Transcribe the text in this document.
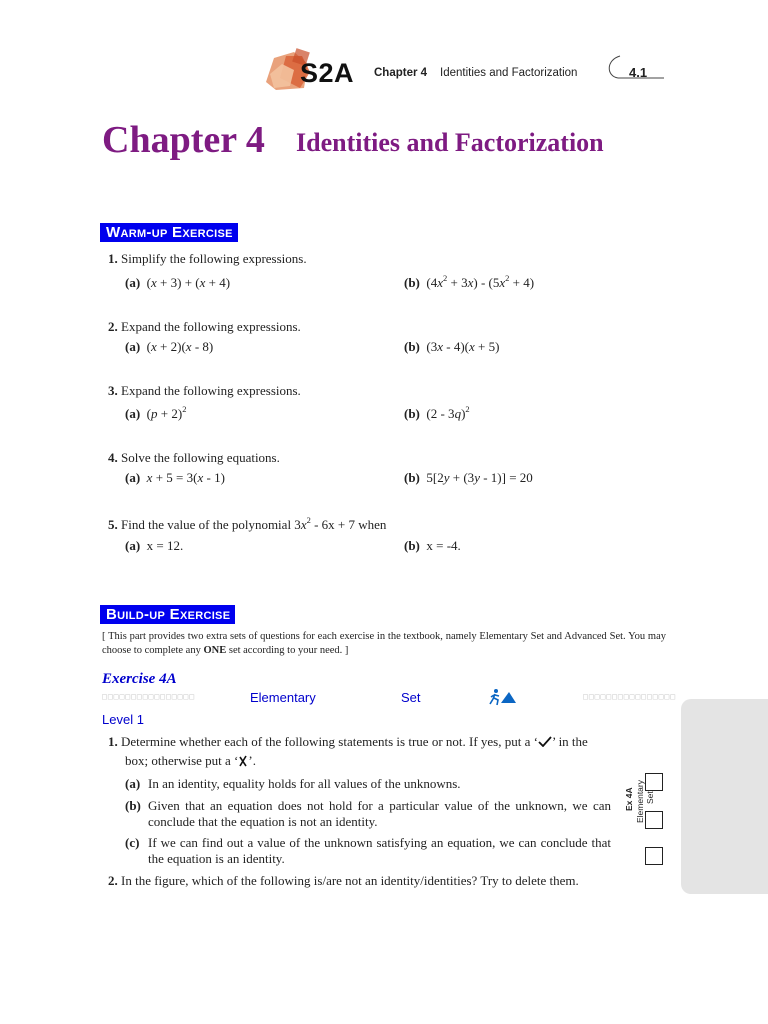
S2A Chapter 4 Identities and Factorization	4.1
Chapter 4 Identities and Factorization
Warm-up Exercise
1. Simplify the following expressions.
(a)  (x + 3) + (x + 4)	(b)  $(4x^2 + 3x) - (5x^2 + 4)$
2. Expand the following expressions.
(a)  (x + 2)(x - 8)	(b)  (3x - 4)(x + 5)
3. Expand the following expressions.
(a)  $(p + 2)^2$	(b)  (2 - 3q)$^2$
4. Solve the following equations.
(a) x + 5 = 3(x - 1)	(b)  5[2y + (3y - 1)] = 20
5. Find the value of the polynomial $3x^2 - 6x + 7$ when
(a) x = 12.	(b) x = -4.
Build-up Exercise
[ This part provides two extra sets of questions for each exercise in the textbook, namely Elementary Set and Advanced Set. You may choose to complete any ONE set according to your need. ]
Exercise 4A
□□□□□□□□□□□□□□□□	Elementary	Set	□□□□□□□□□□□□□□□□
Level 1
1. Determine whether each of the following statements is true or not. If yes, put a ‘ ’ in the
box; otherwise put a ‘ ’.
(a) In an identity, equality holds for all values of the unknowns.
(b) Given that an equation does not hold for a particular value of the unknown, we can conclude that the equation is not an identity.
(c) If we can find out a value of the unknown satisfying an equation, we can conclude that the equation is an identity.
Ex 4A Elementary Set
2. In the figure, which of the following is/are not an identity/identities? Try to delete them.
